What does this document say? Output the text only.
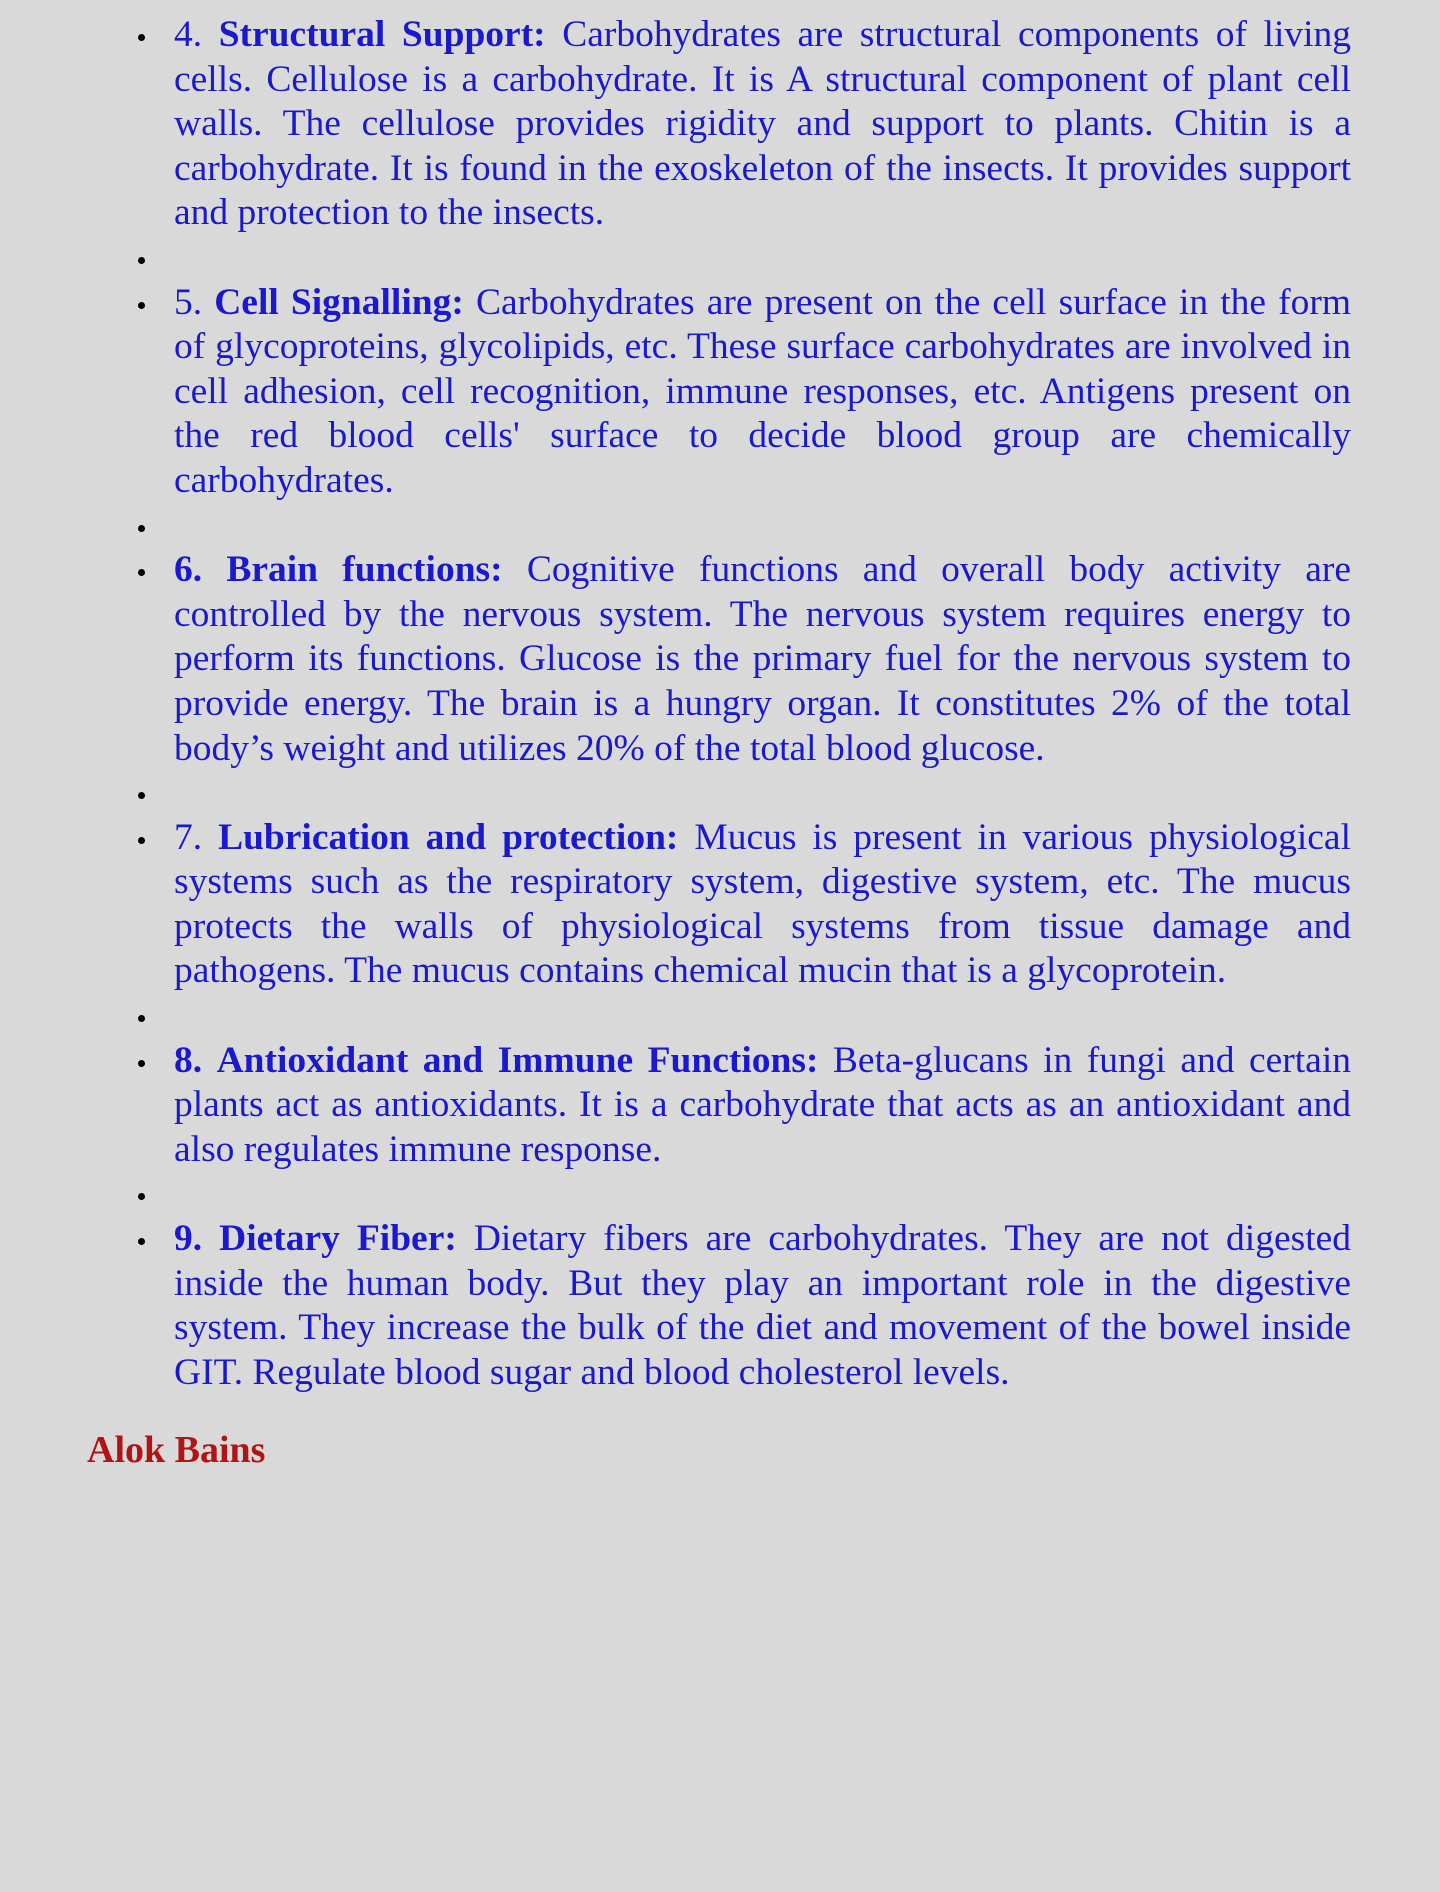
4. Structural Support: Carbohydrates are structural components of living cells. Cellulose is a carbohydrate. It is A structural component of plant cell walls. The cellulose provides rigidity and support to plants. Chitin is a carbohydrate. It is found in the exoskeleton of the insects. It provides support and protection to the insects.
5. Cell Signalling: Carbohydrates are present on the cell surface in the form of glycoproteins, glycolipids, etc. These surface carbohydrates are involved in cell adhesion, cell recognition, immune responses, etc. Antigens present on the red blood cells' surface to decide blood group are chemically carbohydrates.
6. Brain functions: Cognitive functions and overall body activity are controlled by the nervous system. The nervous system requires energy to perform its functions. Glucose is the primary fuel for the nervous system to provide energy. The brain is a hungry organ. It constitutes 2% of the total body’s weight and utilizes 20% of the total blood glucose.
7. Lubrication and protection: Mucus is present in various physiological systems such as the respiratory system, digestive system, etc. The mucus protects the walls of physiological systems from tissue damage and pathogens. The mucus contains chemical mucin that is a glycoprotein.
8. Antioxidant and Immune Functions: Beta-glucans in fungi and certain plants act as antioxidants. It is a carbohydrate that acts as an antioxidant and also regulates immune response.
9. Dietary Fiber: Dietary fibers are carbohydrates. They are not digested inside the human body. But they play an important role in the digestive system. They increase the bulk of the diet and movement of the bowel inside GIT. Regulate blood sugar and blood cholesterol levels.

Alok Bains
